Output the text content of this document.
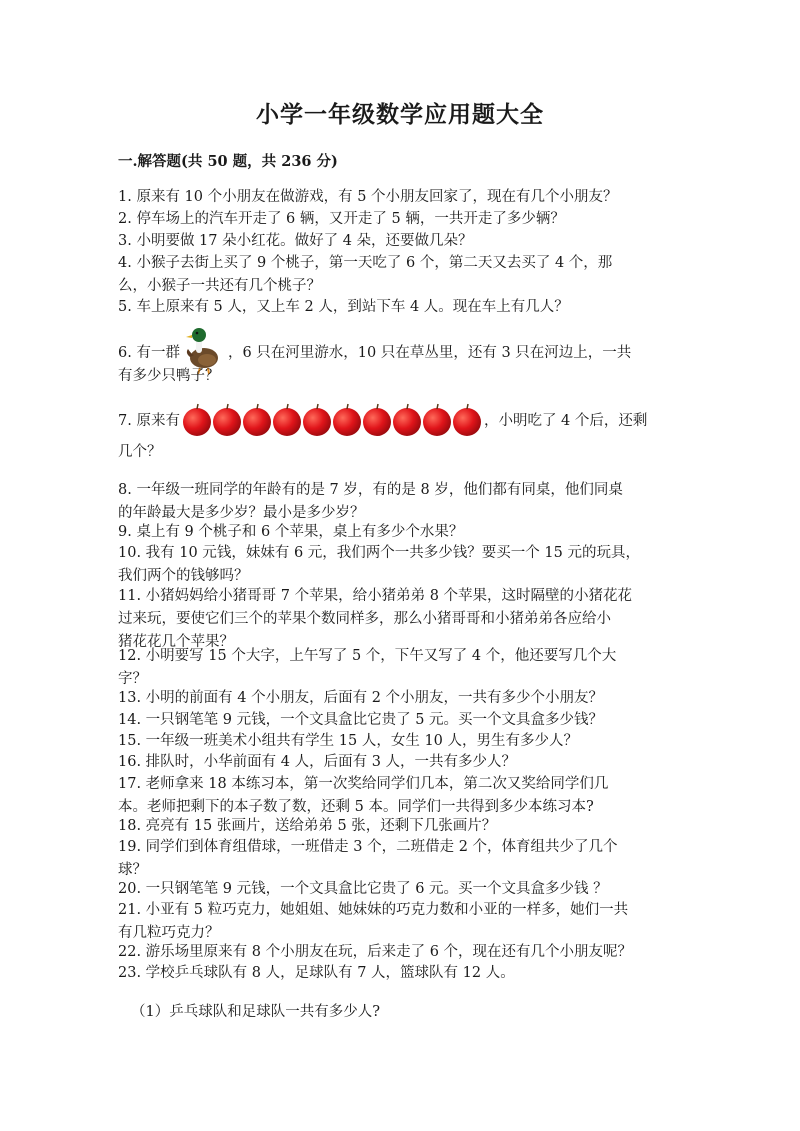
小学一年级数学应用题大全
一.解答题(共 50 题，共 236 分)
1. 原来有 10 个小朋友在做游戏，有 5 个小朋友回家了，现在有几个小朋友？
2. 停车场上的汽车开走了 6 辆，又开走了 5 辆，一共开走了多少辆？
3. 小明要做 17 朵小红花。做好了 4 朵，还要做几朵？
4. 小猴子去街上买了 9 个桃子，第一天吃了 6 个，第二天又去买了 4 个，那
么，小猴子一共还有几个桃子？
5. 车上原来有 5 人，又上车 2 人，到站下车 4 人。现在车上有几人？
6. 有一群	，6 只在河里游水，10 只在草丛里，还有 3 只在河边上，一共
有多少只鸭子？
7. 原来有	，小明吃了 4 个后，还剩
几个？
8. 一年级一班同学的年龄有的是 7 岁，有的是 8 岁，他们都有同桌，他们同桌
的年龄最大是多少岁？最小是多少岁？
9. 桌上有 9 个桃子和 6 个苹果，桌上有多少个水果？
10. 我有 10 元钱，妹妹有 6 元，我们两个一共多少钱？要买一个 15 元的玩具，
我们两个的钱够吗？
11. 小猪妈妈给小猪哥哥 7 个苹果，给小猪弟弟 8 个苹果，这时隔壁的小猪花花
过来玩，要使它们三个的苹果个数同样多，那么小猪哥哥和小猪弟弟各应给小
猪花花几个苹果？
12. 小明要写 15 个大字，上午写了 5 个，下午又写了 4 个，他还要写几个大
字？
13. 小明的前面有 4 个小朋友，后面有 2 个小朋友，一共有多少个小朋友？
14. 一只钢笔笔 9 元钱，一个文具盒比它贵了 5 元。买一个文具盒多少钱？
15. 一年级一班美术小组共有学生 15 人，女生 10 人，男生有多少人？
16. 排队时，小华前面有 4 人，后面有 3 人，一共有多少人？
17. 老师拿来 18 本练习本，第一次奖给同学们几本，第二次又奖给同学们几
本。老师把剩下的本子数了数，还剩 5 本。同学们一共得到多少本练习本?
18. 亮亮有 15 张画片，送给弟弟 5 张，还剩下几张画片？
19. 同学们到体育组借球，一班借走 3 个，二班借走 2 个，体育组共少了几个
球？
20. 一只钢笔笔 9 元钱，一个文具盒比它贵了 6 元。买一个文具盒多少钱 ？
21. 小亚有 5 粒巧克力，她姐姐、她妹妹的巧克力数和小亚的一样多，她们一共
有几粒巧克力？
22. 游乐场里原来有 8 个小朋友在玩，后来走了 6 个，现在还有几个小朋友呢？
23. 学校乒乓球队有 8 人，足球队有 7 人，篮球队有 12 人。
（1）乒乓球队和足球队一共有多少人?
